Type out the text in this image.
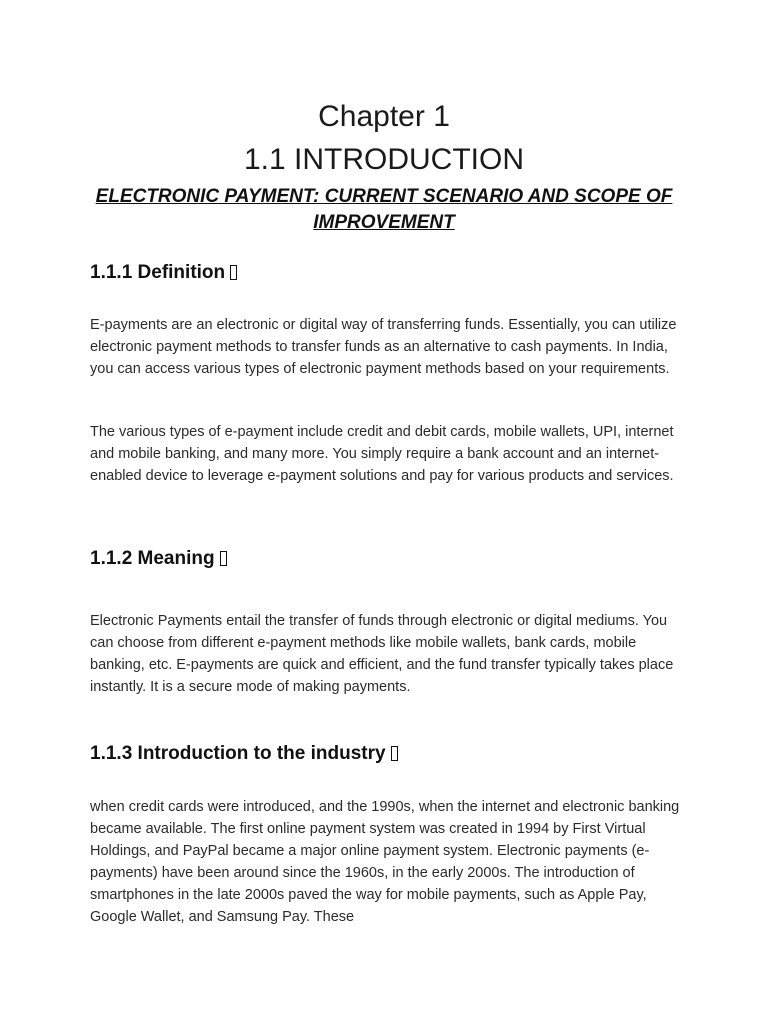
Chapter 1
1.1 INTRODUCTION

ELECTRONIC PAYMENT: CURRENT SCENARIO AND SCOPE OF IMPROVEMENT

1.1.1 Definition

E-payments are an electronic or digital way of transferring funds. Essentially, you can utilize electronic payment methods to transfer funds as an alternative to cash payments. In India, you can access various types of electronic payment methods based on your requirements.

The various types of e-payment include credit and debit cards, mobile wallets, UPI, internet and mobile banking, and many more. You simply require a bank account and an internet-enabled device to leverage e-payment solutions and pay for various products and services.

1.1.2 Meaning

Electronic Payments entail the transfer of funds through electronic or digital mediums. You can choose from different e-payment methods like mobile wallets, bank cards, mobile banking, etc. E-payments are quick and efficient, and the fund transfer typically takes place instantly. It is a secure mode of making payments.

1.1.3 Introduction to the industry

when credit cards were introduced, and the 1990s, when the internet and electronic banking became available. The first online payment system was created in 1994 by First Virtual Holdings, and PayPal became a major online payment system. Electronic payments (e-payments) have been around since the 1960s, in the early 2000s. The introduction of smartphones in the late 2000s paved the way for mobile payments, such as Apple Pay, Google Wallet, and Samsung Pay. These
